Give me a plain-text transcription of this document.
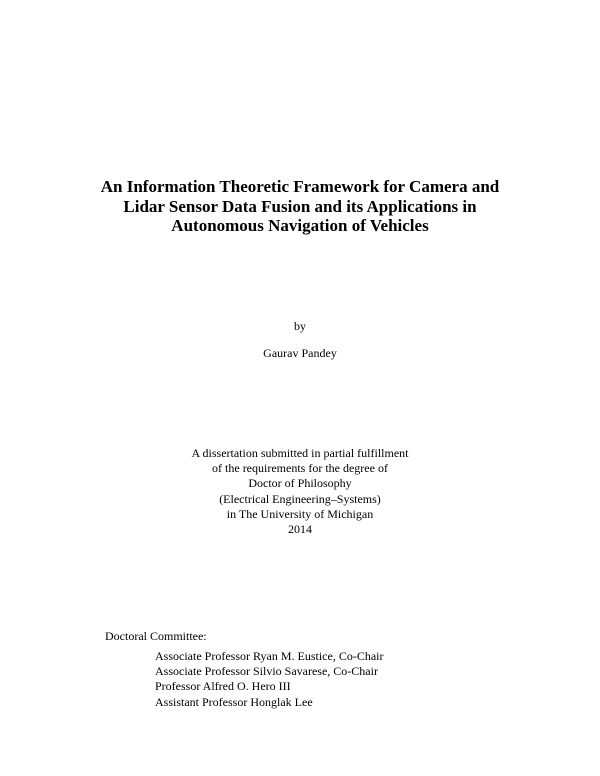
An Information Theoretic Framework for Camera and
Lidar Sensor Data Fusion and its Applications in
Autonomous Navigation of Vehicles
by
Gaurav Pandey
A dissertation submitted in partial fulfillment
of the requirements for the degree of
Doctor of Philosophy
(Electrical Engineering–Systems)
in The University of Michigan
2014
Doctoral Committee:
Associate Professor Ryan M. Eustice, Co-Chair
Associate Professor Silvio Savarese, Co-Chair
Professor Alfred O. Hero III
Assistant Professor Honglak Lee
